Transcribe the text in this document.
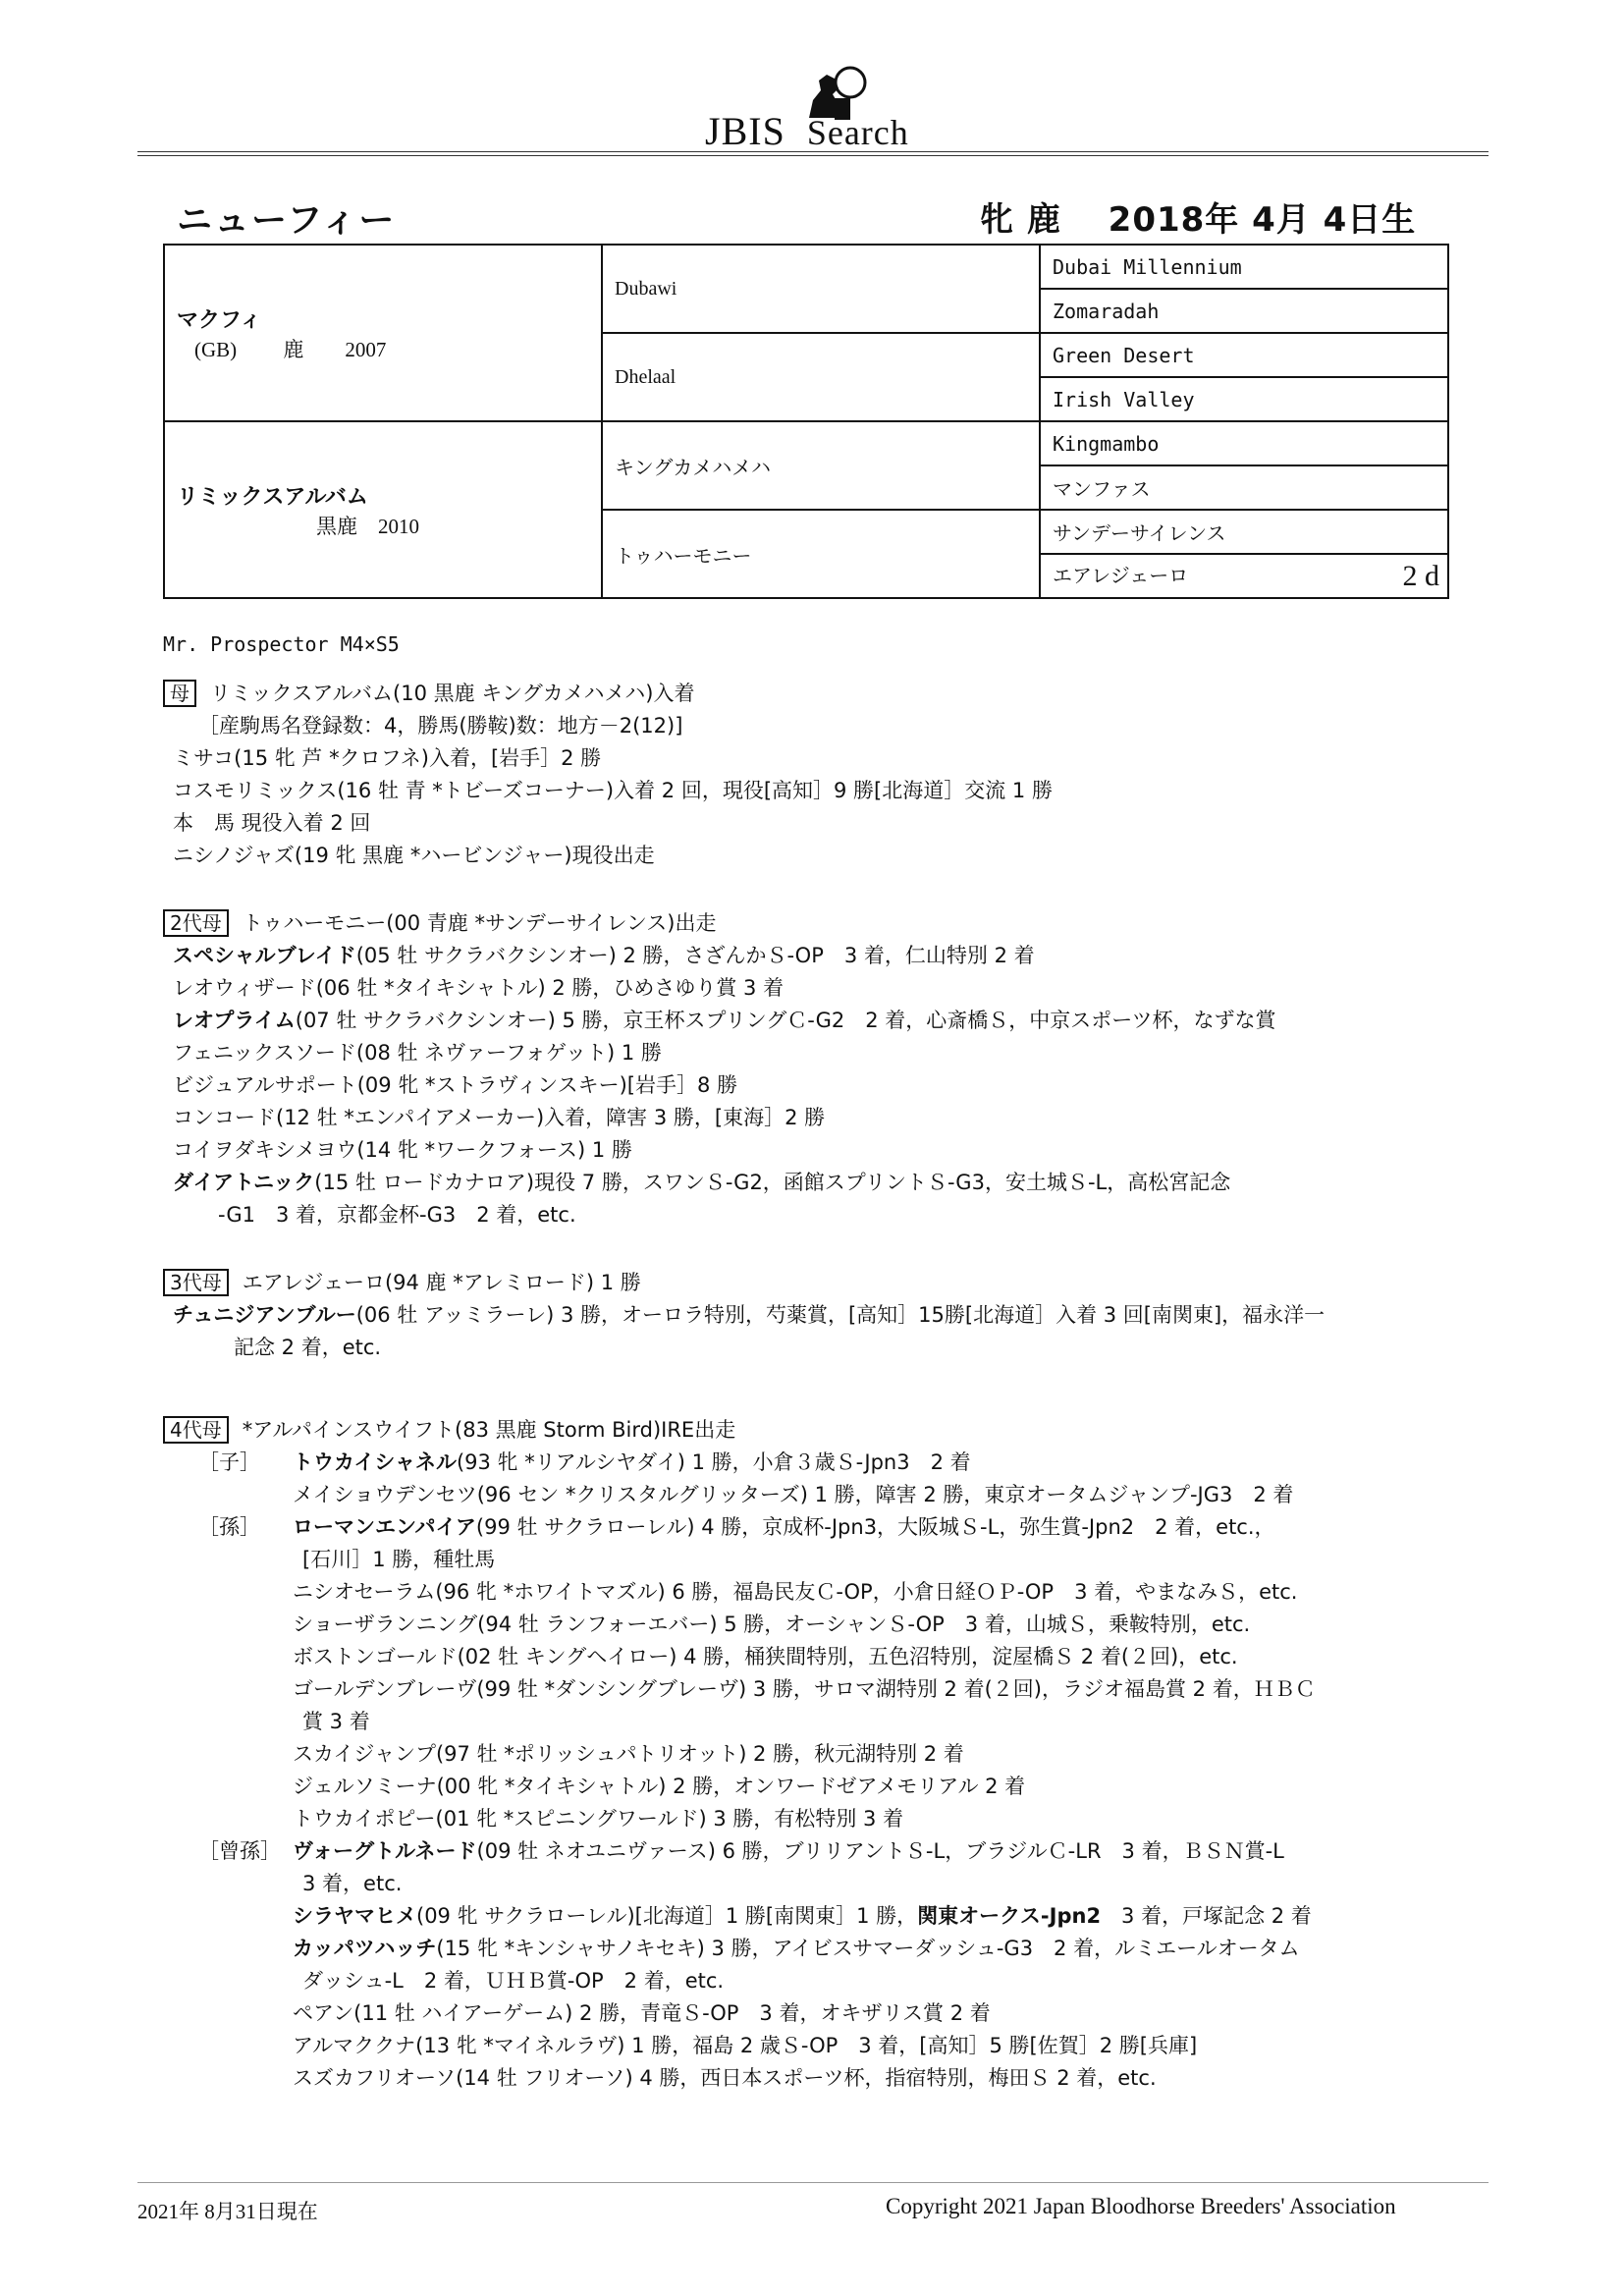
JBIS Search
ニューフィー	牝 鹿　 2018年 4月 4日生
マクフィ
(GB)　　 鹿　　2007	Dubawi	Dubai Millennium
		Zomaradah
	Dhelaal	Green Desert
		Irish Valley

リミックスアルバム
黒鹿　2010	キングカメハメハ	Kingmambo
		マンファス
	トゥハーモニー	サンデーサイレンス
		エアレジェーロ 2 d
Mr. Prospector M4×S5
母 リミックスアルバム(10 黒鹿 キングカメハメハ)入着
［産駒馬名登録数：4，勝馬(勝鞍)数：地方－2(12)]
ミサコ(15 牝 芦 *クロフネ)入着，[岩手］2 勝
コスモリミックス(16 牡 青 *トビーズコーナー)入着 2 回，現役[高知］9 勝[北海道］交流 1 勝
本　馬 現役入着 2 回
ニシノジャズ(19 牝 黒鹿 *ハービンジャー)現役出走
2代母 トゥハーモニー(00 青鹿 *サンデーサイレンス)出走
スペシャルブレイド(05 牡 サクラバクシンオー) 2 勝，さざんかＳ-OP　3 着，仁山特別 2 着
レオウィザード(06 牡 *タイキシャトル) 2 勝，ひめさゆり賞 3 着
レオプライム(07 牡 サクラバクシンオー) 5 勝，京王杯スプリングＣ-G2　2 着，心斎橋Ｓ，中京スポーツ杯，なずな賞
フェニックスソード(08 牡 ネヴァーフォゲット) 1 勝
ビジュアルサポート(09 牝 *ストラヴィンスキー)[岩手］8 勝
コンコード(12 牡 *エンパイアメーカー)入着，障害 3 勝，[東海］2 勝
コイヲダキシメヨウ(14 牝 *ワークフォース) 1 勝
ダイアトニック(15 牡 ロードカナロア)現役 7 勝，スワンＳ-G2，函館スプリントＳ-G3，安土城Ｓ-L，高松宮記念
-G1　3 着，京都金杯-G3　2 着，etc.
3代母 エアレジェーロ(94 鹿 *アレミロード) 1 勝
チュニジアンブルー(06 牡 アッミラーレ) 3 勝，オーロラ特別，芍薬賞，[高知］15勝[北海道］入着 3 回[南関東]，福永洋一
記念 2 着，etc.
4代母 *アルパインスウイフト(83 黒鹿 Storm Bird)IRE出走
［子］ トウカイシャネル(93 牝 *リアルシヤダイ) 1 勝，小倉３歳Ｓ-Jpn3　2 着
メイショウデンセツ(96 セン *クリスタルグリッターズ) 1 勝，障害 2 勝，東京オータムジャンプ-JG3　2 着
［孫］ ローマンエンパイア(99 牡 サクラローレル) 4 勝，京成杯-Jpn3，大阪城Ｓ-L，弥生賞-Jpn2　2 着，etc.，
[石川］1 勝，種牡馬
ニシオセーラム(96 牝 *ホワイトマズル) 6 勝，福島民友Ｃ-OP，小倉日経ＯＰ-OP　3 着，やまなみＳ，etc.
ショーザランニング(94 牡 ランフォーエバー) 5 勝，オーシャンＳ-OP　3 着，山城Ｓ，乗鞍特別，etc.
ボストンゴールド(02 牡 キングヘイロー) 4 勝，桶狭間特別，五色沼特別，淀屋橋Ｓ 2 着(２回)，etc.
ゴールデンブレーヴ(99 牡 *ダンシングブレーヴ) 3 勝，サロマ湖特別 2 着(２回)，ラジオ福島賞 2 着，ＨＢＣ
賞 3 着
スカイジャンプ(97 牡 *ポリッシュパトリオット) 2 勝，秋元湖特別 2 着
ジェルソミーナ(00 牝 *タイキシャトル) 2 勝，オンワードゼアメモリアル 2 着
トウカイポピー(01 牝 *スピニングワールド) 3 勝，有松特別 3 着
［曾孫］ ヴォーグトルネード(09 牡 ネオユニヴァース) 6 勝，ブリリアントＳ-L，ブラジルＣ-LR　3 着，ＢＳＮ賞-L
3 着，etc.
シラヤマヒメ(09 牝 サクラローレル)[北海道］1 勝[南関東］1 勝，関東オークス-Jpn2　3 着，戸塚記念 2 着
カッパツハッチ(15 牝 *キンシャサノキセキ) 3 勝，アイビスサマーダッシュ-G3　2 着，ルミエールオータム
ダッシュ-L　2 着，ＵＨＢ賞-OP　2 着，etc.
ペアン(11 牡 ハイアーゲーム) 2 勝，青竜Ｓ-OP　3 着，オキザリス賞 2 着
アルマククナ(13 牝 *マイネルラヴ) 1 勝，福島 2 歳Ｓ-OP　3 着，[高知］5 勝[佐賀］2 勝[兵庫]
スズカフリオーソ(14 牡 フリオーソ) 4 勝，西日本スポーツ杯，指宿特別，梅田Ｓ 2 着，etc.
2021年 8月31日現在	Copyright 2021 Japan Bloodhorse Breeders' Association
